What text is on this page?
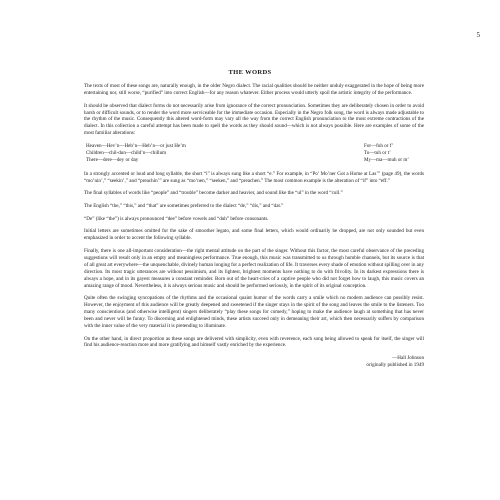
5
THE WORDS

The texts of most of these songs are, naturally enough, in the older Negro dialect. The racial qualities should be neither unduly exaggerated in the hope of being more entertaining nor, still worse, “purified” into correct English—for any reason whatever. Either process would utterly spoil the artistic integrity of the performance.

It should be observed that dialect forms do not necessarily arise from ignorance of the correct pronunciation. Sometimes they are deliberately chosen in order to avoid harsh or difficult sounds, or to render the word more serviceable for the immediate occasion. Especially in the Negro folk song, the word is always made adjustable to the rhythm of the music. Consequently this altered word-form may vary all the way from the correct English pronunciation to the most extreme contractions of the dialect. In this collection a careful attempt has been made to spell the words as they should sound—which is not always possible. Here are examples of some of the most familiar alterations:

Heaven—Hev’n—Heb’n—Heb’n—or just He’m
Children—chil-dun—child’n—chillum
There—dere—dey or day
For—fuh or f’
To—tuh or t’
My—ma—muh or m’

In a strongly accented or loud and long syllable, the short “i” is always sung like a short “e.” For example, in “Po’ Mo’ner Got a Home at Las’” (page 49), the words “mo’nin’,” “seekin’,” and “preachin’” are sung as “mo’nen,” “seeken,” and “preachen.” The most common example is the alteration of “if” into “eff.”

The final syllables of words like “people” and “trouble” become darker and heavier, and sound like the “ul” in the word “cull.”

The English “the,” “this,” and “that” are sometimes preferred to the dialect “de,” “dis,” and “dat.”

“De” (like “the”) is always pronounced “dee” before vowels and “duh” before consonants.

Initial letters are sometimes omitted for the sake of smoother legato, and some final letters, which would ordinarily be dropped, are not only sounded but even emphasized in order to accent the following syllable.

Finally, there is one all-important consideration—the right mental attitude on the part of the singer. Without this factor, the most careful observance of the preceding suggestions will result only in an empty and meaningless performance. True enough, this music was transmitted to us through humble channels, but its source is that of all great art everywhere—the unquenchable, divinely human longing for a perfect realization of life. It traverses every shade of emotion without spilling over in any direction. Its most tragic utterances are without pessimism, and its lightest, brightest moments have nothing to do with frivolity. In its darkest expressions there is always a hope, and in its gayest measures a constant reminder. Born out of the heart-cries of a captive people who did not forget how to laugh, this music covers an amazing range of mood. Nevertheless, it is always serious music and should be performed seriously, in the spirit of its original conception.

Quite often the swinging syncopations of the rhythms and the occasional quaint humor of the words carry a smile which no modern audience can possibly resist. However, the enjoyment of this audience will be greatly deepened and sweetened if the singer stays in the spirit of the song and leaves the smile to the listeners. Too many conscientious (and otherwise intelligent) singers deliberately “play these songs for comedy,” hoping to make the audience laugh at something that has never been and never will be funny. To discerning and enlightened minds, these artists succeed only in demeaning their art, which then necessarily suffers by comparison with the inner value of the very material it is pretending to illuminate.

On the other hand, in direct proportion as these songs are delivered with simplicity, even with reverence, each song being allowed to speak for itself, the singer will find his audience-reaction more and more gratifying and himself vastly enriched by the experience.

—Hall Johnson
originally published in 1949
